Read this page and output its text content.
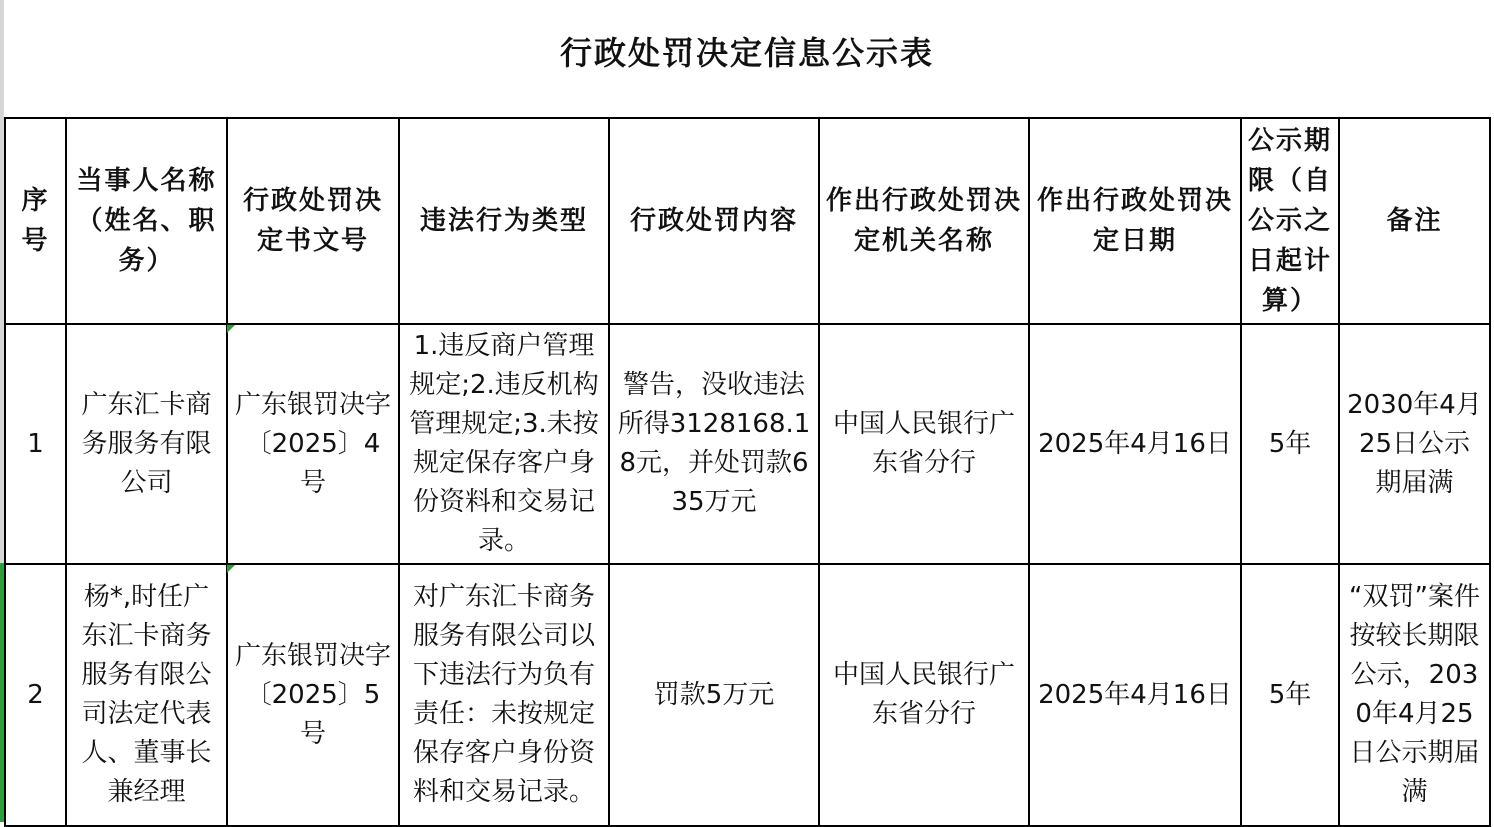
行政处罚决定信息公示表
序号	当事人名称（姓名、职务）	行政处罚决定书文号	违法行为类型	行政处罚内容	作出行政处罚决定机关名称	作出行政处罚决定日期	公示期限（自公示之日起计算）	备注
1	广东汇卡商务服务有限公司	广东银罚决字〔2025〕4号	1.违反商户管理规定;2.违反机构管理规定;3.未按规定保存客户身份资料和交易记录。	警告，没收违法所得3128168.18元，并处罚款635万元	中国人民银行广东省分行	2025年4月16日	5年	2030年4月25日公示期届满
2	杨*,时任广东汇卡商务服务有限公司法定代表人、董事长兼经理	广东银罚决字〔2025〕5号	对广东汇卡商务服务有限公司以下违法行为负有责任：未按规定保存客户身份资料和交易记录。	罚款5万元	中国人民银行广东省分行	2025年4月16日	5年	“双罚”案件按较长期限公示，2030年4月25日公示期届满
